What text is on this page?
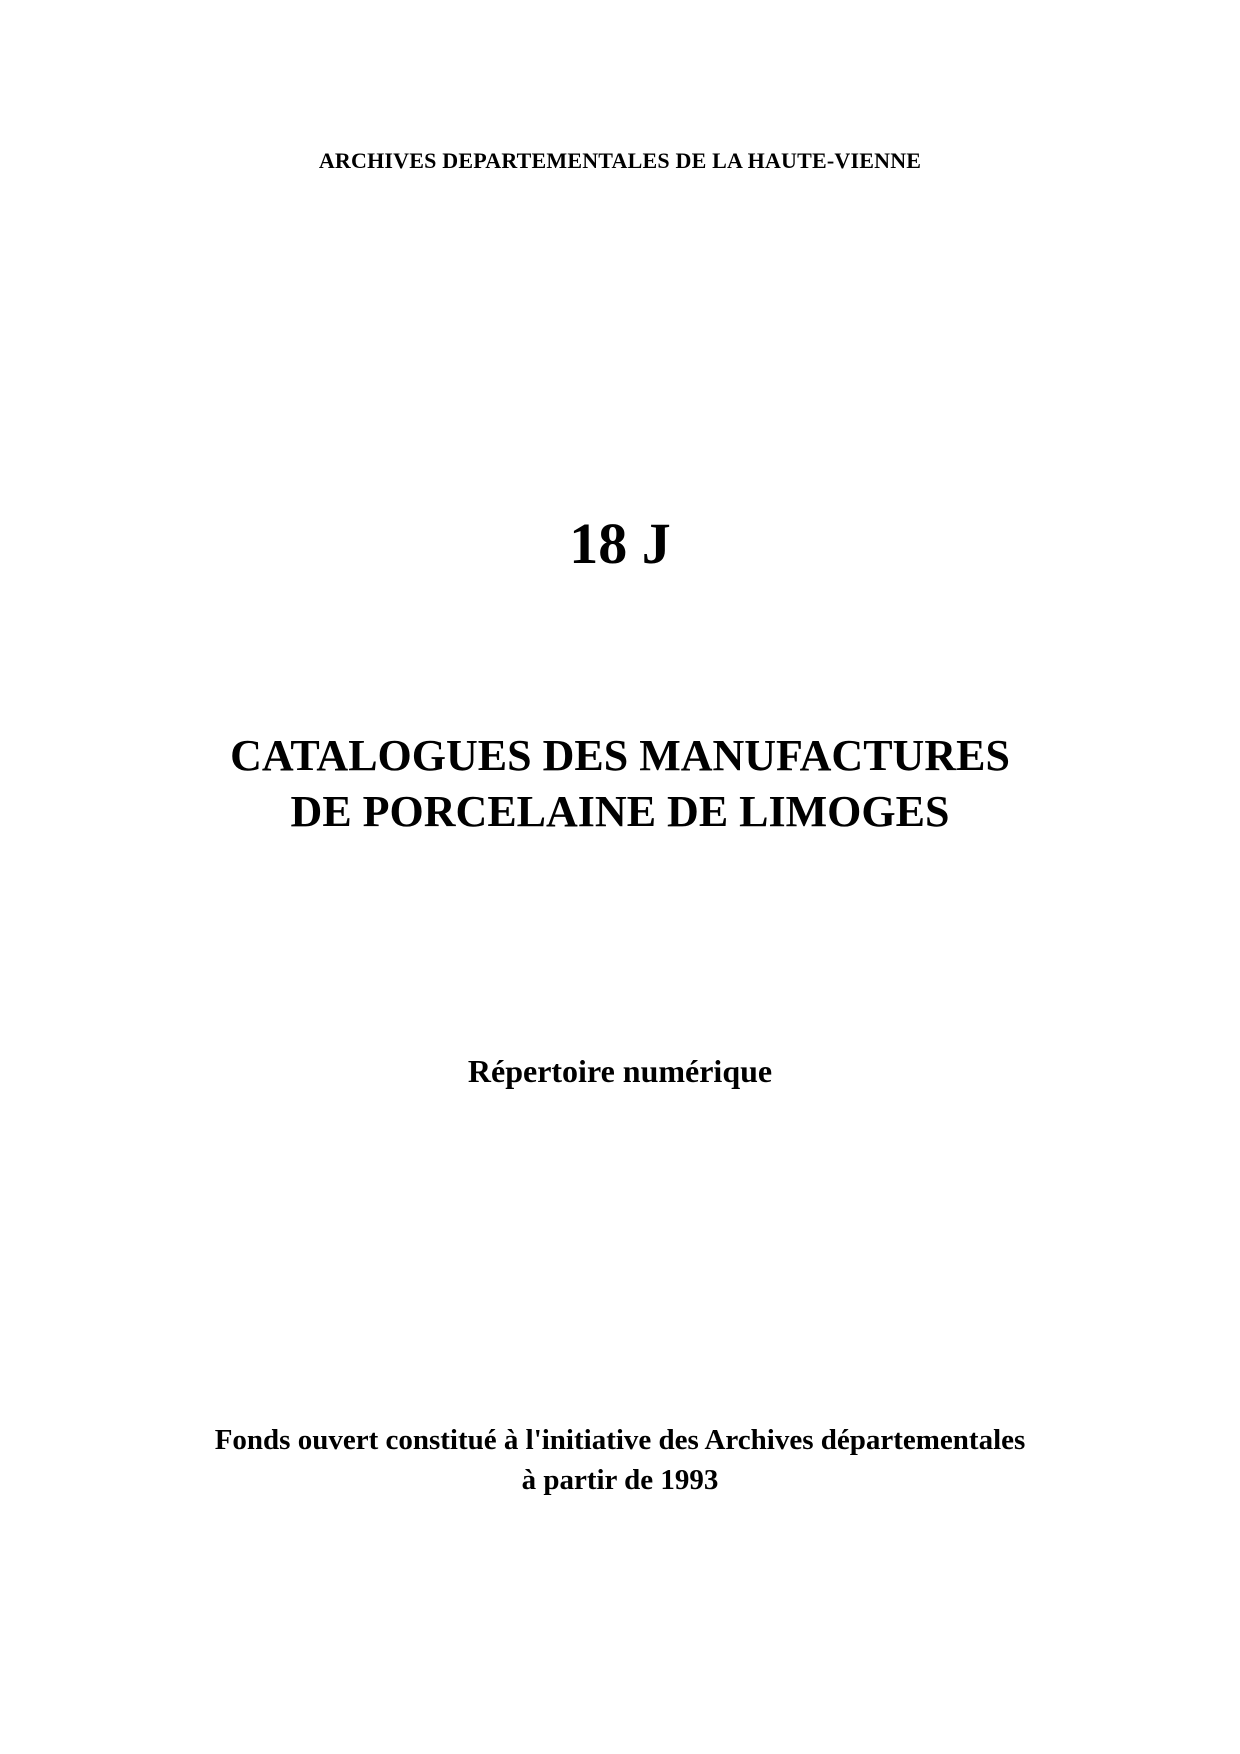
ARCHIVES DEPARTEMENTALES DE LA HAUTE-VIENNE

18 J

CATALOGUES DES MANUFACTURES
DE PORCELAINE DE LIMOGES

Répertoire numérique

Fonds ouvert constitué à l'initiative des Archives départementales
à partir de 1993
